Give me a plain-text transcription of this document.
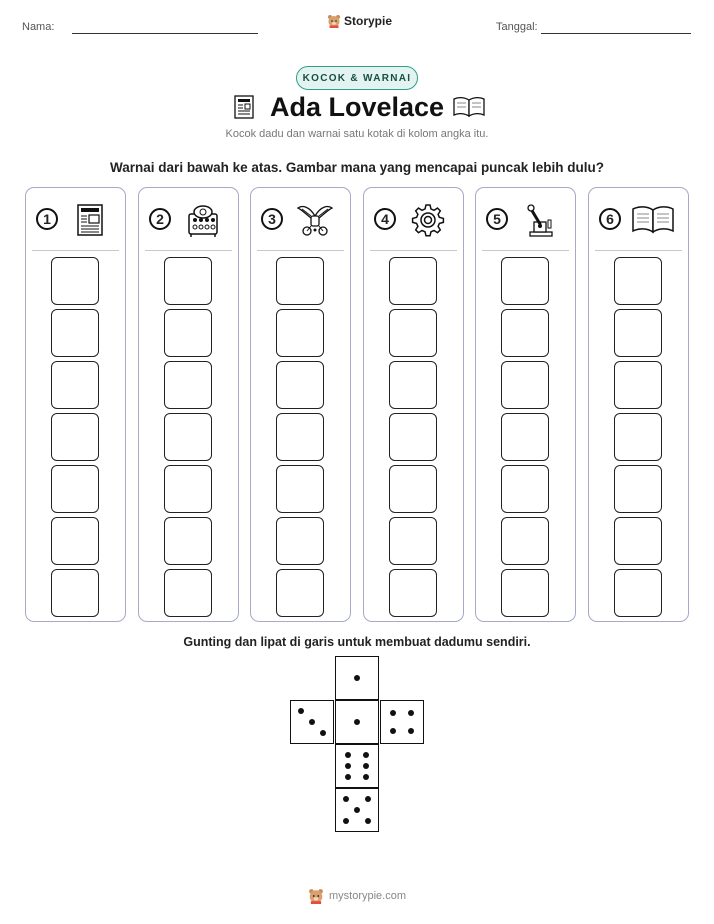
Nama:	Storypie	Tanggal:
KOCOK & WARNAI
Ada Lovelace
Kocok dadu dan warnai satu kotak di kolom angka itu.
Warnai dari bawah ke atas. Gambar mana yang mencapai puncak lebih dulu?
1	2	3	4	5	6
Gunting dan lipat di garis untuk membuat dadumu sendiri.
mystorypie.com
